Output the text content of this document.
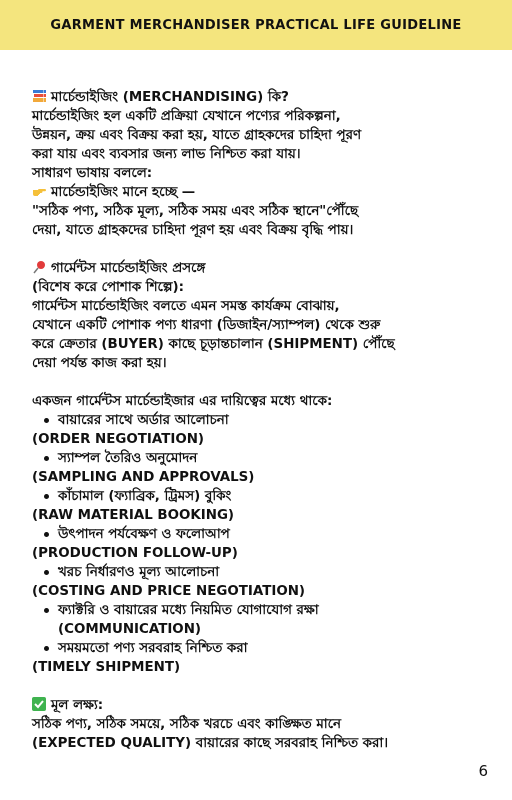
GARMENT MERCHANDISER PRACTICAL LIFE GUIDELINE
মার্চেন্ডাইজিং (MERCHANDISING) কি?
মার্চেন্ডাইজিং হল একটি প্রক্রিয়া যেখানে পণ্যের পরিকল্পনা,
উন্নয়ন, ক্রয় এবং বিক্রয় করা হয়, যাতে গ্রাহকদের চাহিদা পূরণ
করা যায় এবং ব্যবসার জন্য লাভ নিশ্চিত করা যায়।
সাধারণ ভাষায় বললে:
মার্চেন্ডাইজিং মানে হচ্ছে —
"সঠিক পণ্য, সঠিক মূল্য, সঠিক সময় এবং সঠিক স্থানে"পৌঁছে
দেয়া, যাতে গ্রাহকদের চাহিদা পূরণ হয় এবং বিক্রয় বৃদ্ধি পায়।
গার্মেন্টস মার্চেন্ডাইজিং প্রসঙ্গে
(বিশেষ করে পোশাক শিল্পে):
গার্মেন্টস মার্চেন্ডাইজিং বলতে এমন সমস্ত কার্যক্রম বোঝায়,
যেখানে একটি পোশাক পণ্য ধারণা (ডিজাইন/স্যাম্পল) থেকে শুরু
করে ক্রেতার (BUYER) কাছে চূড়ান্তচালান (SHIPMENT) পৌঁছে
দেয়া পর্যন্ত কাজ করা হয়।
একজন গার্মেন্টস মার্চেন্ডাইজার এর দায়িত্বের মধ্যে থাকে:
বায়ারের সাথে অর্ডার আলোচনা
(ORDER NEGOTIATION)
স্যাম্পল তৈরিও অনুমোদন
(SAMPLING AND APPROVALS)
কাঁচামাল (ফ্যাব্রিক, ট্রিমস) বুকিং
(RAW MATERIAL BOOKING)
উৎপাদন পর্যবেক্ষণ ও ফলোআপ
(PRODUCTION FOLLOW-UP)
খরচ নির্ধারণও মূল্য আলোচনা
(COSTING AND PRICE NEGOTIATION)
ফ্যাক্টরি ও বায়ারের মধ্যে নিয়মিত যোগাযোগ রক্ষা
(COMMUNICATION)
সময়মতো পণ্য সরবরাহ নিশ্চিত করা
(TIMELY SHIPMENT)
মূল লক্ষ্য:
সঠিক পণ্য, সঠিক সময়ে, সঠিক খরচে এবং কাঙ্ক্ষিত মানে
(EXPECTED QUALITY) বায়ারের কাছে সরবরাহ নিশ্চিত করা।
6
